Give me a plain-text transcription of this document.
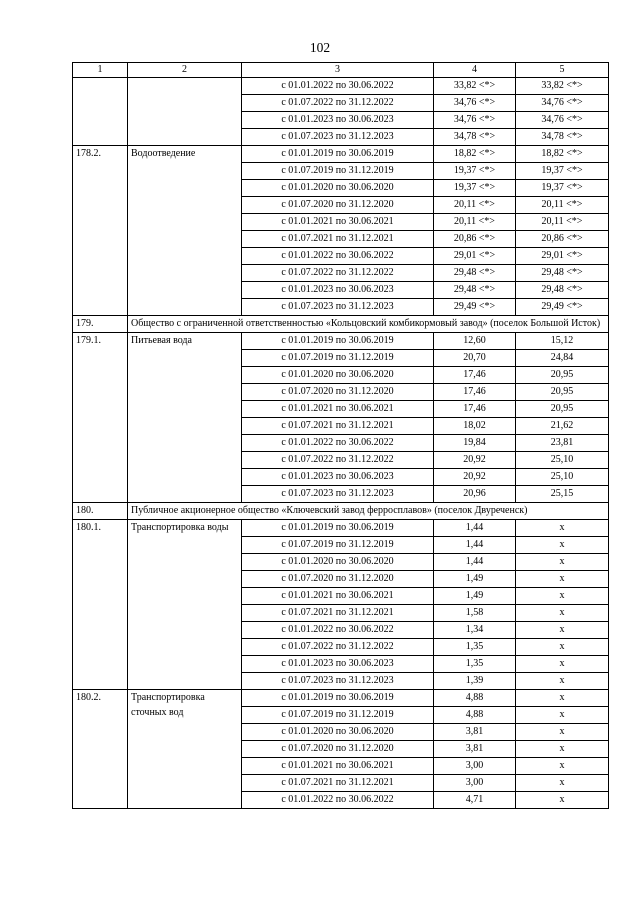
102
1	2	3	4	5
		с 01.01.2022 по 30.06.2022	33,82 <*>	33,82 <*>
		с 01.07.2022 по 31.12.2022	34,76 <*>	34,76 <*>
		с 01.01.2023 по 30.06.2023	34,76 <*>	34,76 <*>
		с 01.07.2023 по 31.12.2023	34,78 <*>	34,78 <*>
178.2.	Водоотведение	с 01.01.2019 по 30.06.2019	18,82 <*>	18,82 <*>
		с 01.07.2019 по 31.12.2019	19,37 <*>	19,37 <*>
		с 01.01.2020 по 30.06.2020	19,37 <*>	19,37 <*>
		с 01.07.2020 по 31.12.2020	20,11 <*>	20,11 <*>
		с 01.01.2021 по 30.06.2021	20,11 <*>	20,11 <*>
		с 01.07.2021 по 31.12.2021	20,86 <*>	20,86 <*>
		с 01.01.2022 по 30.06.2022	29,01 <*>	29,01 <*>
		с 01.07.2022 по 31.12.2022	29,48 <*>	29,48 <*>
		с 01.01.2023 по 30.06.2023	29,48 <*>	29,48 <*>
		с 01.07.2023 по 31.12.2023	29,49 <*>	29,49 <*>
179.	Общество с ограниченной ответственностью «Кольцовский комбикормовый завод» (поселок Большой Исток)			
179.1.	Питьевая вода	с 01.01.2019 по 30.06.2019	12,60	15,12
		с 01.07.2019 по 31.12.2019	20,70	24,84
		с 01.01.2020 по 30.06.2020	17,46	20,95
		с 01.07.2020 по 31.12.2020	17,46	20,95
		с 01.01.2021 по 30.06.2021	17,46	20,95
		с 01.07.2021 по 31.12.2021	18,02	21,62
		с 01.01.2022 по 30.06.2022	19,84	23,81
		с 01.07.2022 по 31.12.2022	20,92	25,10
		с 01.01.2023 по 30.06.2023	20,92	25,10
		с 01.07.2023 по 31.12.2023	20,96	25,15
180.	Публичное акционерное общество «Ключевский завод ферросплавов» (поселок Двуреченск)			
180.1.	Транспортировка воды	с 01.01.2019 по 30.06.2019	1,44	x
		с 01.07.2019 по 31.12.2019	1,44	x
		с 01.01.2020 по 30.06.2020	1,44	x
		с 01.07.2020 по 31.12.2020	1,49	x
		с 01.01.2021 по 30.06.2021	1,49	x
		с 01.07.2021 по 31.12.2021	1,58	x
		с 01.01.2022 по 30.06.2022	1,34	x
		с 01.07.2022 по 31.12.2022	1,35	x
		с 01.01.2023 по 30.06.2023	1,35	x
		с 01.07.2023 по 31.12.2023	1,39	x
180.2.	Транспортировка сточных вод	с 01.01.2019 по 30.06.2019	4,88	x
		с 01.07.2019 по 31.12.2019	4,88	x
		с 01.01.2020 по 30.06.2020	3,81	x
		с 01.07.2020 по 31.12.2020	3,81	x
		с 01.01.2021 по 30.06.2021	3,00	x
		с 01.07.2021 по 31.12.2021	3,00	x
		с 01.01.2022 по 30.06.2022	4,71	x
